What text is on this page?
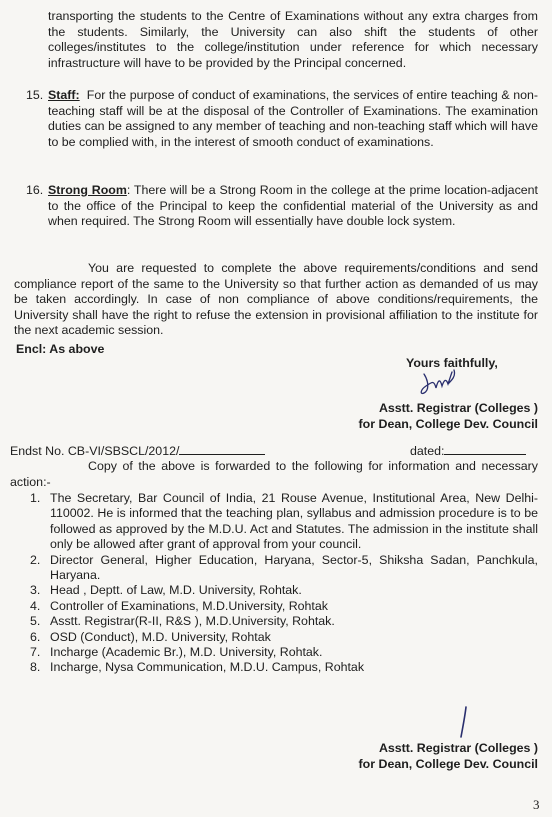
transporting the students to the Centre of Examinations without any extra charges from the students. Similarly, the University can also shift the students of other colleges/institutes to the college/institution under reference for which necessary infrastructure will have to be provided by the Principal concerned.
15. Staff: For the purpose of conduct of examinations, the services of entire teaching & non-teaching staff will be at the disposal of the Controller of Examinations. The examination duties can be assigned to any member of teaching and non-teaching staff which will have to be complied with, in the interest of smooth conduct of examinations.
16. Strong Room: There will be a Strong Room in the college at the prime location-adjacent to the office of the Principal to keep the confidential material of the University as and when required. The Strong Room will essentially have double lock system.
You are requested to complete the above requirements/conditions and send compliance report of the same to the University so that further action as demanded of us may be taken accordingly. In case of non compliance of above conditions/requirements, the University shall have the right to refuse the extension in provisional affiliation to the institute for the next academic session.
Encl: As above
Yours faithfully,
Asstt. Registrar (Colleges )
for Dean, College Dev. Council
Endst No. CB-VI/SBSCL/2012/	dated:
Copy of the above is forwarded to the following for information and necessary action:-
1. The Secretary, Bar Council of India, 21 Rouse Avenue, Institutional Area, New Delhi-110002. He is informed that the teaching plan, syllabus and admission procedure is to be followed as approved by the M.D.U. Act and Statutes. The admission in the institute shall only be allowed after grant of approval from your council.
2. Director General, Higher Education, Haryana, Sector-5, Shiksha Sadan, Panchkula, Haryana.
3. Head , Deptt. of Law, M.D. University, Rohtak.
4. Controller of Examinations, M.D.University, Rohtak
5. Asstt. Registrar(R-II, R&S ), M.D.University, Rohtak.
6. OSD (Conduct), M.D. University, Rohtak
7. Incharge (Academic Br.), M.D. University, Rohtak.
8. Incharge, Nysa Communication, M.D.U. Campus, Rohtak
Asstt. Registrar (Colleges )
for Dean, College Dev. Council
3
